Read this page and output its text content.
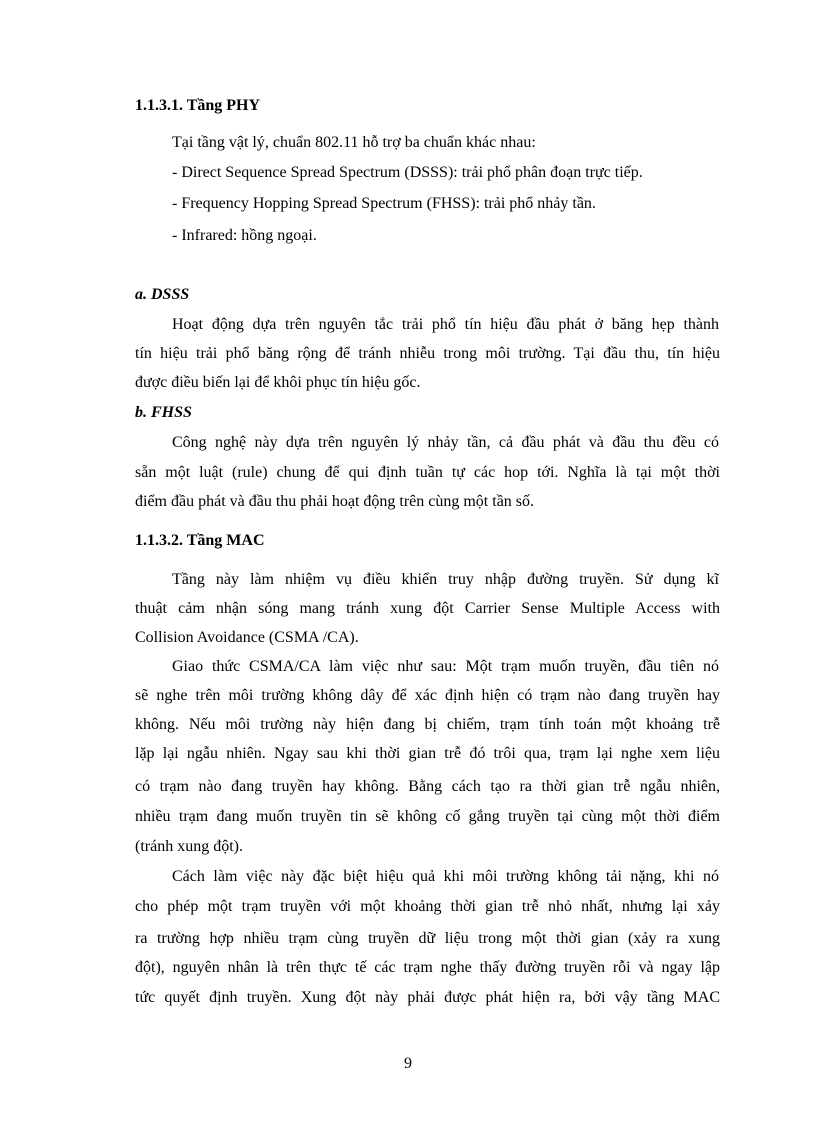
1.1.3.1. Tầng PHY
Tại tầng vật lý, chuẩn 802.11 hỗ trợ ba chuẩn khác nhau:
- Direct Sequence Spread Spectrum (DSSS): trải phổ phân đoạn trực tiếp.
- Frequency Hopping Spread Spectrum (FHSS): trải phổ nhảy tần.
- Infrared: hồng ngoại.
a. DSSS
Hoạt động dựa trên nguyên tắc trải phổ tín hiệu đầu phát ở băng hẹp thành
tín hiệu trải phổ băng rộng để tránh nhiễu trong môi trường. Tại đầu thu, tín hiệu
được điều biến lại để khôi phục tín hiệu gốc.
b. FHSS
Công nghệ này dựa trên nguyên lý nhảy tần, cả đầu phát và đầu thu đều có
sẵn một luật (rule) chung để qui định tuần tự các hop tới. Nghĩa là tại một thời
điểm đầu phát và đầu thu phải hoạt động trên cùng một tần số.
1.1.3.2. Tầng MAC
Tầng này làm nhiệm vụ điều khiển truy nhập đường truyền. Sử dụng kĩ
thuật cảm nhận sóng mang tránh xung đột Carrier Sense Multiple Access with
Collision Avoidance (CSMA /CA).
Giao thức CSMA/CA làm việc như sau: Một trạm muốn truyền, đầu tiên nó
sẽ nghe trên môi trường không dây để xác định hiện có trạm nào đang truyền hay
không. Nếu môi trường này hiện đang bị chiếm, trạm tính toán một khoảng trễ
lặp lại ngẫu nhiên. Ngay sau khi thời gian trễ đó trôi qua, trạm lại nghe xem liệu
có trạm nào đang truyền hay không. Bằng cách tạo ra thời gian trễ ngẫu nhiên,
nhiều trạm đang muốn truyền tin sẽ không cố gắng truyền tại cùng một thời điểm
(tránh xung đột).
Cách làm việc này đặc biệt hiệu quả khi môi trường không tải nặng, khi nó
cho phép một trạm truyền với một khoảng thời gian trễ nhỏ nhất, nhưng lại xảy
ra trường hợp nhiều trạm cùng truyền dữ liệu trong một thời gian (xảy ra xung
đột), nguyên nhân là trên thực tế các trạm nghe thấy đường truyền rỗi và ngay lập
tức quyết định truyền. Xung đột này phải được phát hiện ra, bởi vậy tầng MAC
9
